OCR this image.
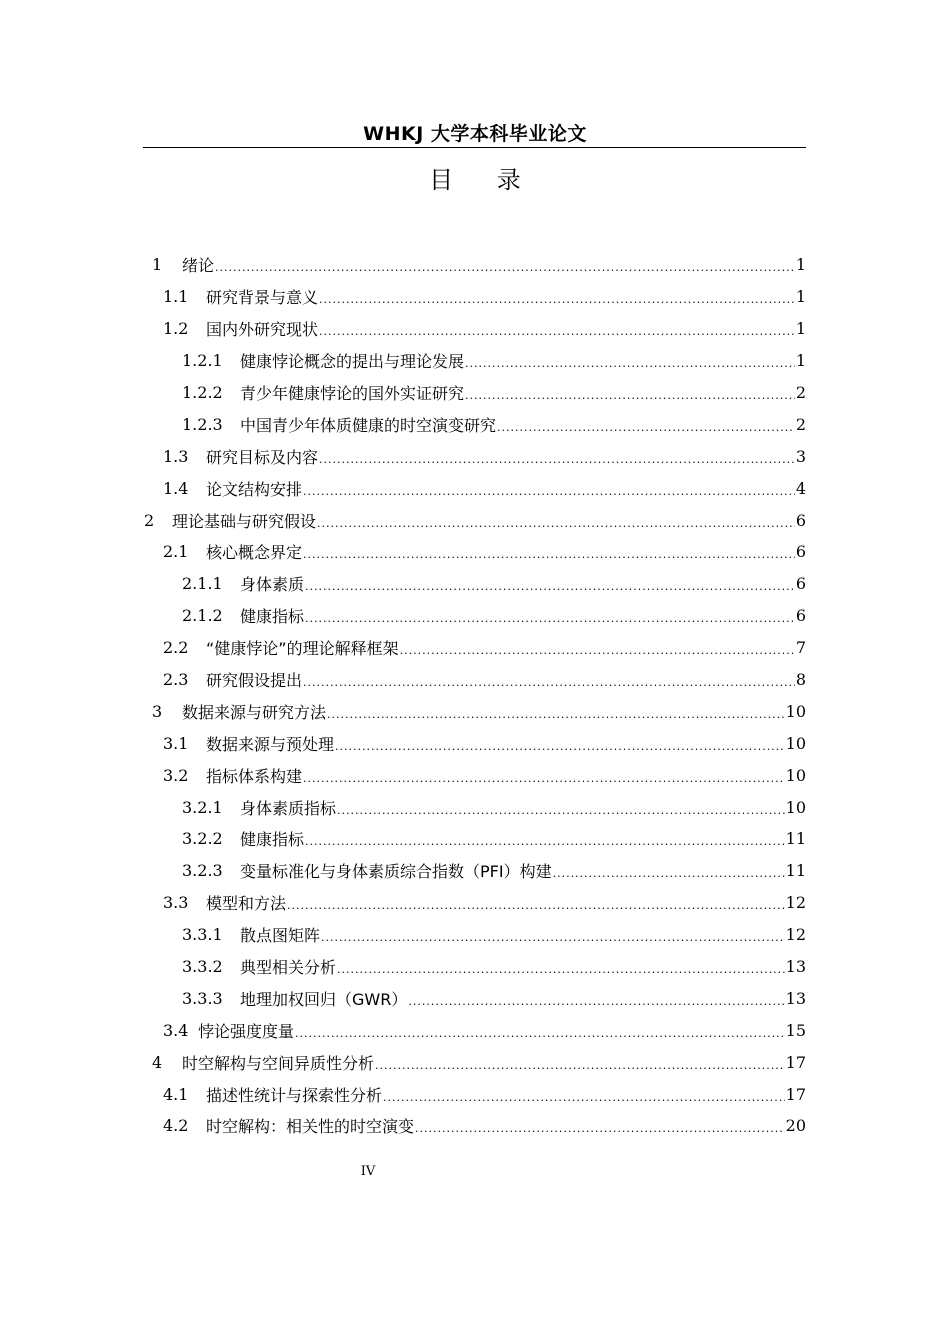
WHKJ 大学本科毕业论文
目 录
1	绪论 .....	1
1.1	研究背景与意义 .....	1
1.2	国内外研究现状 .....	1
1.2.1	健康悖论概念的提出与理论发展 .....	1
1.2.2	青少年健康悖论的国外实证研究 .....	2
1.2.3	中国青少年体质健康的时空演变研究 .....	2
1.3	研究目标及内容 .....	3
1.4	论文结构安排 .....	4
2	理论基础与研究假设 .....	6
2.1	核心概念界定 .....	6
2.1.1	身体素质 .....	6
2.1.2	健康指标 .....	6
2.2	“健康悖论”的理论解释框架 .....	7
2.3	研究假设提出 .....	8
3	数据来源与研究方法 .....	10
3.1	数据来源与预处理 .....	10
3.2	指标体系构建 .....	10
3.2.1	身体素质指标 .....	10
3.2.2	健康指标 .....	11
3.2.3	变量标准化与身体素质综合指数（PFI）构建 .....	11
3.3	模型和方法 .....	12
3.3.1	散点图矩阵 .....	12
3.3.2	典型相关分析 .....	13
3.3.3	地理加权回归（GWR） .....	13
3.4 悖论强度度量 .....	15
4	时空解构与空间异质性分析 .....	17
4.1	描述性统计与探索性分析 .....	17
4.2	时空解构：相关性的时空演变 .....	20
IV
